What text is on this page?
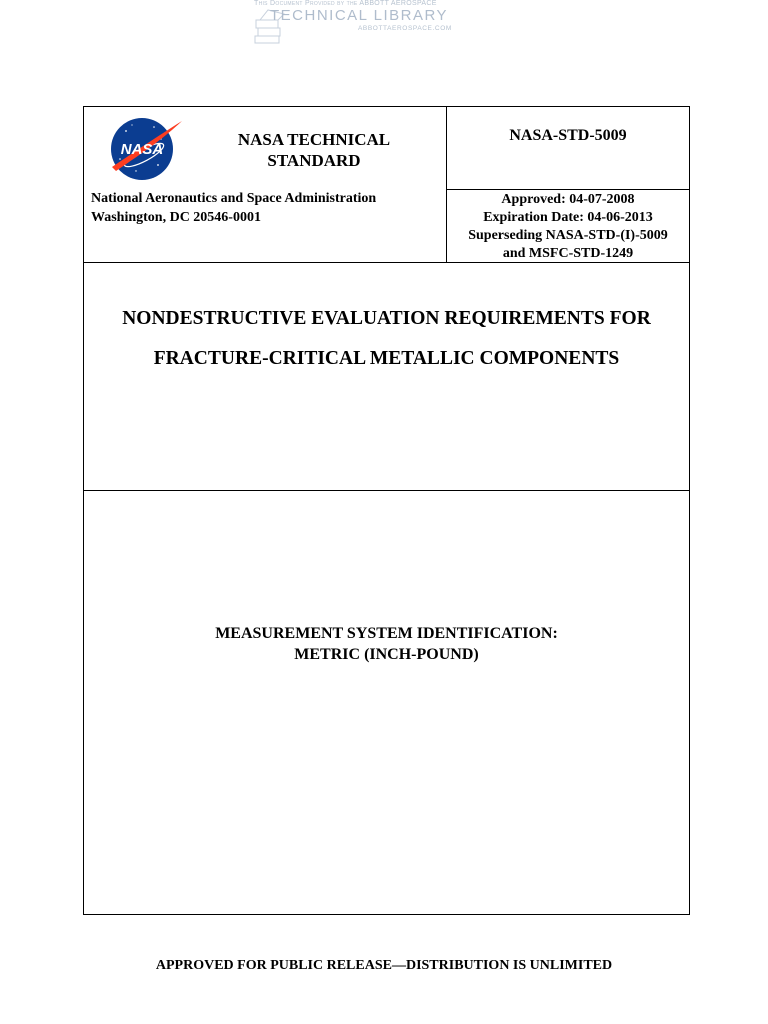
This Document Provided by the ABBOTT AEROSPACE
TECHNICAL LIBRARY
ABBOTTAEROSPACE.COM
NASA
NASA TECHNICAL
STANDARD
National Aeronautics and Space Administration
Washington, DC 20546-0001
NASA-STD-5009
Approved: 04-07-2008
Expiration Date: 04-06-2013
Superseding NASA-STD-(I)-5009
and MSFC-STD-1249
NONDESTRUCTIVE EVALUATION REQUIREMENTS FOR
FRACTURE-CRITICAL METALLIC COMPONENTS
MEASUREMENT SYSTEM IDENTIFICATION:
METRIC (INCH-POUND)
APPROVED FOR PUBLIC RELEASE—DISTRIBUTION IS UNLIMITED
